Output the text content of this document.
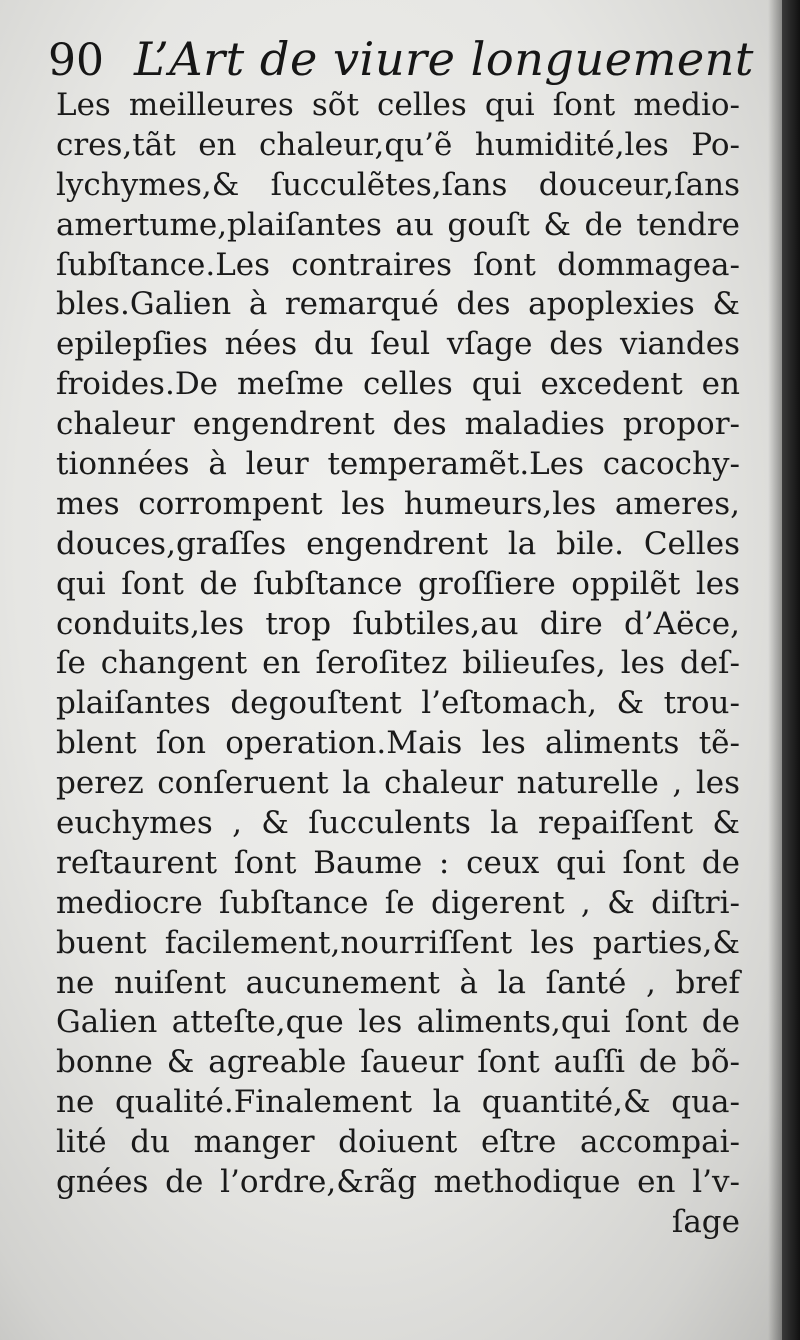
90 L’Art de viure longuement
Les meilleures sõt celles qui ſont medio-
cres,tãt en chaleur,qu’ẽ humidité,les Po-
lychymes,& ſucculẽtes,ſans douceur,ſans
amertume,plaiſantes au gouſt & de tendre
ſubſtance.Les contraires ſont dommagea-
bles.Galien à remarqué des apoplexies &
epilepſies nées du ſeul vſage des viandes
froides.De meſme celles qui excedent en
chaleur engendrent des maladies propor-
tionnées à leur temperamẽt.Les cacochy-
mes corrompent les humeurs,les ameres,
douces,graſſes engendrent la bile. Celles
qui ſont de ſubſtance groſſiere oppilẽt les
conduits,les trop ſubtiles,au dire d’Aëce,
ſe changent en ſeroſitez bilieuſes, les deſ-
plaiſantes degouſtent l’eſtomach, & trou-
blent ſon operation.Mais les aliments tẽ-
perez conſeruent la chaleur naturelle , les
euchymes , & ſucculents la repaiſſent &
reſtaurent ſont Baume : ceux qui ſont de
mediocre ſubſtance ſe digerent , & diſtri-
buent facilement,nourriſſent les parties,&
ne nuiſent aucunement à la ſanté , bref
Galien atteſte,que les aliments,qui ſont de
bonne & agreable ſaueur ſont auſſi de bõ-
ne qualité.Finalement la quantité,& qua-
lité du manger doiuent eſtre accompai-
gnées de l’ordre,&rãg methodique en l’v-
ſage
